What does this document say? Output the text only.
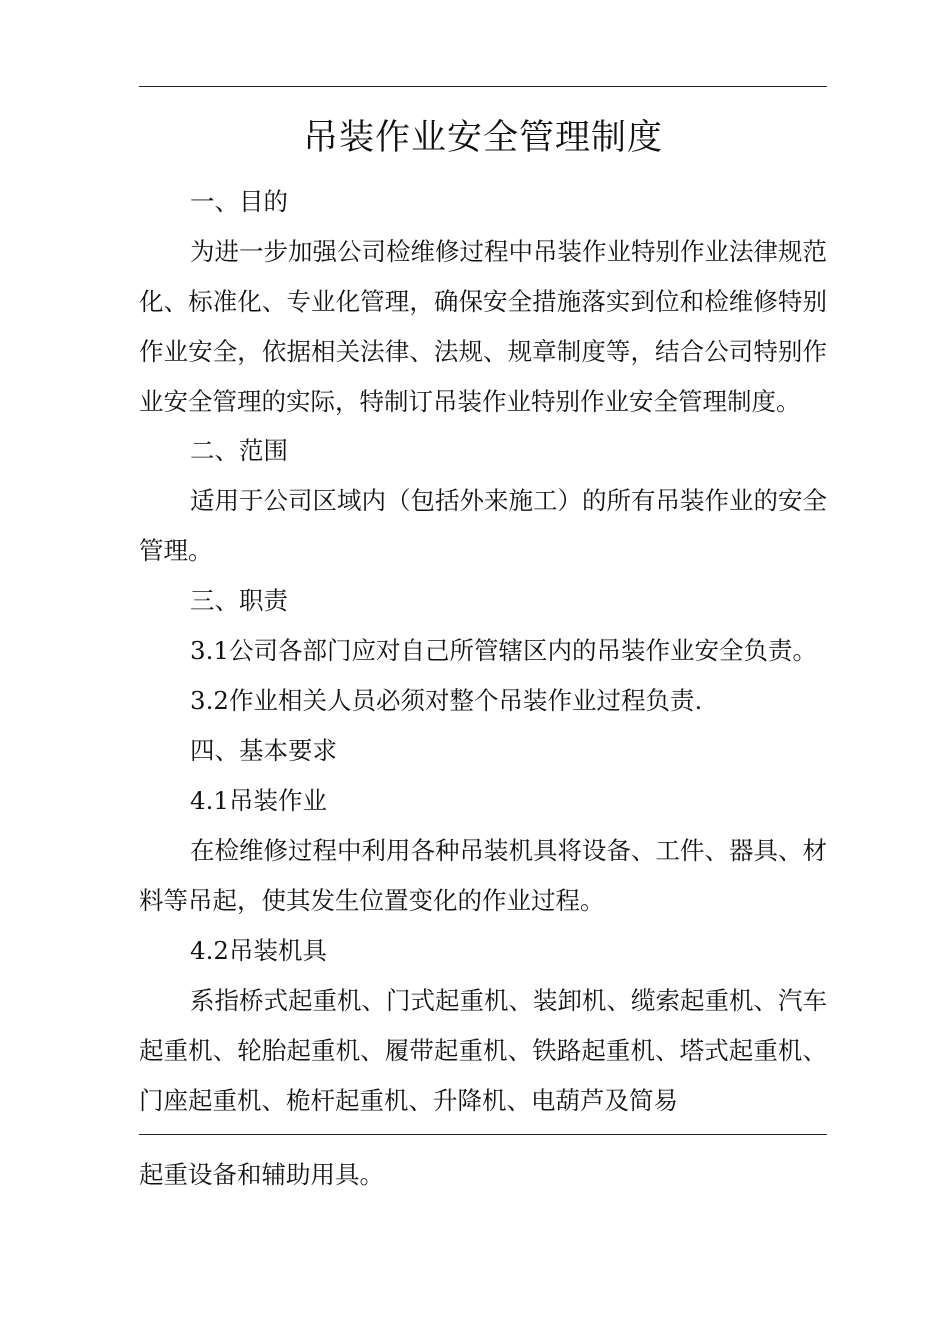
吊装作业安全管理制度
一、目的
为进一步加强公司检维修过程中吊装作业特别作业法律规范
化、标准化、专业化管理，确保安全措施落实到位和检维修特别
作业安全，依据相关法律、法规、规章制度等，结合公司特别作
业安全管理的实际，特制订吊装作业特别作业安全管理制度。
二、范围
适用于公司区域内（包括外来施工）的所有吊装作业的安全
管理。
三、职责
3.1公司各部门应对自己所管辖区内的吊装作业安全负责。
3.2作业相关人员必须对整个吊装作业过程负责.
四、基本要求
4.1吊装作业
在检维修过程中利用各种吊装机具将设备、工件、器具、材
料等吊起，使其发生位置变化的作业过程。
4.2吊装机具
系指桥式起重机、门式起重机、装卸机、缆索起重机、汽车
起重机、轮胎起重机、履带起重机、铁路起重机、塔式起重机、
门座起重机、桅杆起重机、升降机、电葫芦及简易
起重设备和辅助用具。
